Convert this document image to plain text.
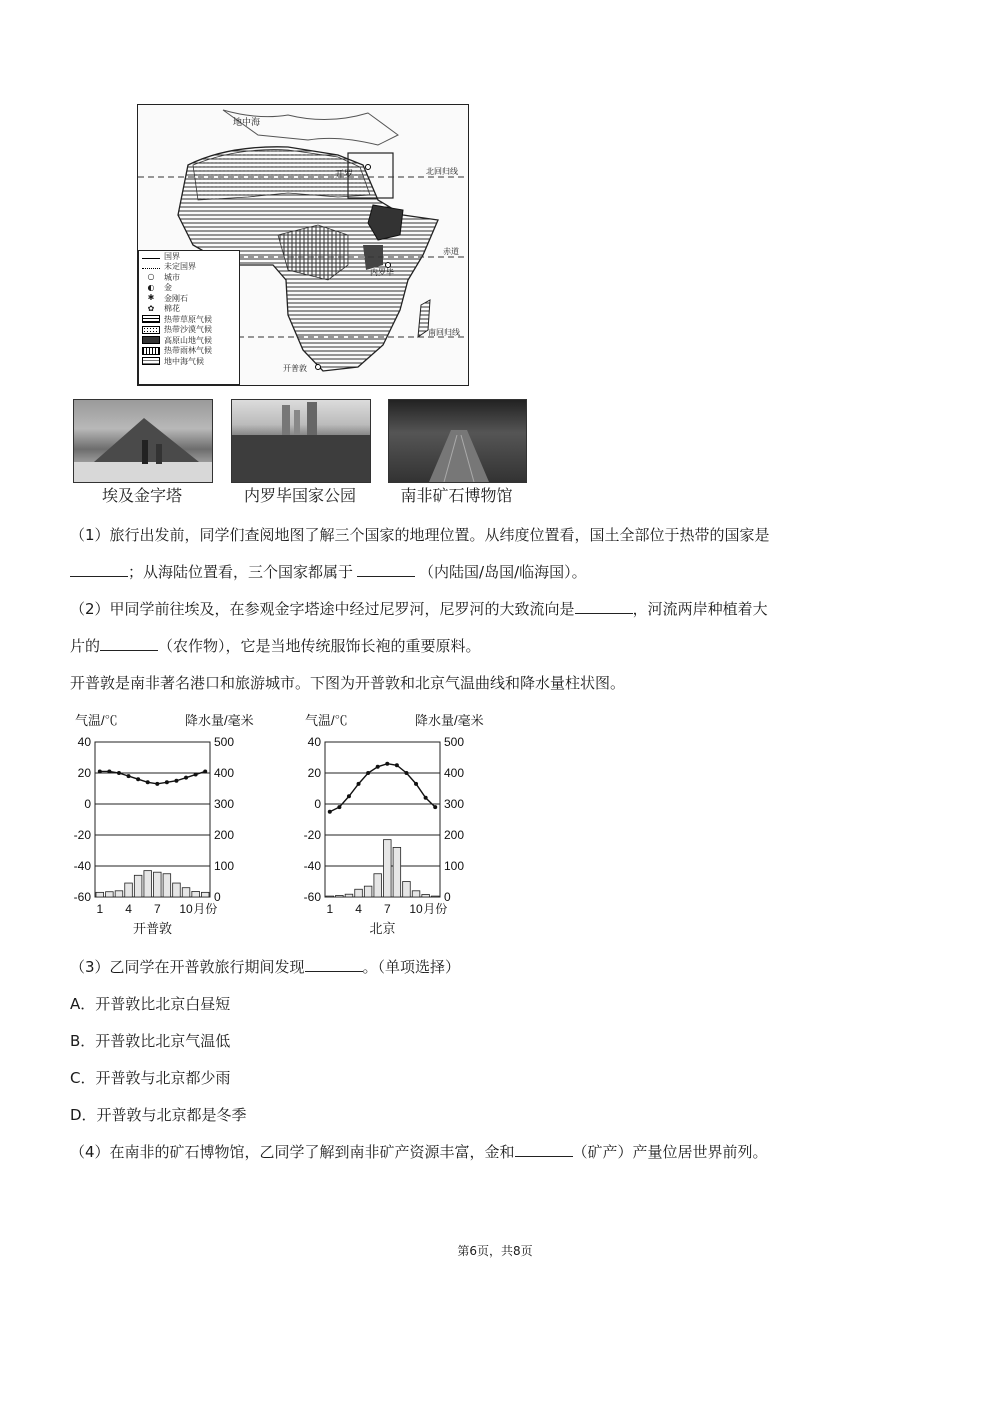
地中海
开罗	北回归线
赤道
内罗毕
南回归线
开普敦
国界
未定国界
○	城市
◐	金
✱	金刚石
✿	棉花
热带草原气候
热带沙漠气候
高原山地气候
热带雨林气候
地中海气候
埃及金字塔	内罗毕国家公园	南非矿石博物馆
（1）旅行出发前，同学们查阅地图了解三个国家的地理位置。从纬度位置看，国土全部位于热带的国家是
；从海陆位置看，三个国家都属于	（内陆国/岛国/临海国）。
（2）甲同学前往埃及，在参观金字塔途中经过尼罗河，尼罗河的大致流向是	，河流两岸种植着大
片的	（农作物），它是当地传统服饰长袍的重要原料。
开普敦是南非著名港口和旅游城市。下图为开普敦和北京气温曲线和降水量柱状图。
40	500
20	400
0	300
-20	200
-40	100
-60	0
气温/℃	降水量/毫米
1 4 7 10 月份
开普敦
40	500
20	400
0	300
-20	200
-40	100
-60	0
气温/℃	降水量/毫米
1 4 7 10 月份
北京
（3）乙同学在开普敦旅行期间发现	。（单项选择）
A．开普敦比北京白昼短
B．开普敦比北京气温低
C．开普敦与北京都少雨
D．开普敦与北京都是冬季
（4）在南非的矿石博物馆，乙同学了解到南非矿产资源丰富，金和	（矿产）产量位居世界前列。
第6页，共8页
